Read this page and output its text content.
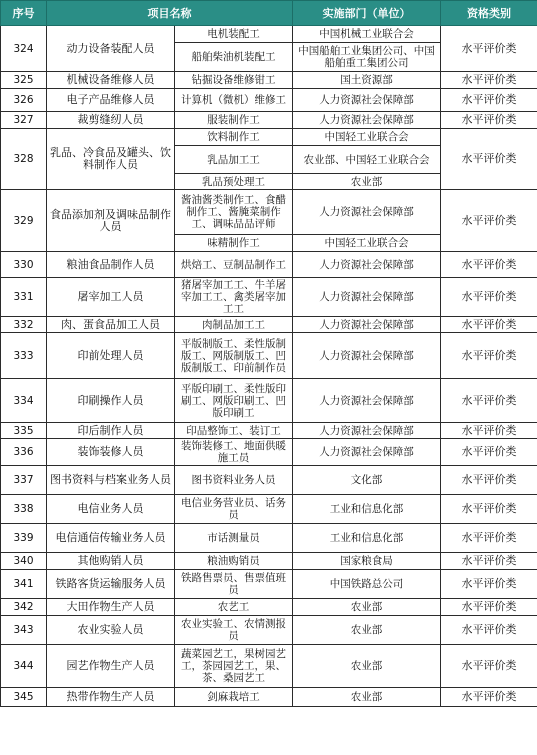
序号	项目名称		实施部门（单位）	资格类别
324	动力设备装配人员	电机装配工	中国机械工业联合会	水平评价类
		船舶柴油机装配工	中国船舶工业集团公司、中国船舶重工集团公司	
325	机械设备维修人员	钻掘设备维修钳工	国土资源部	水平评价类
326	电子产品维修人员	计算机（微机）维修工	人力资源社会保障部	水平评价类
327	裁剪缝纫人员	服装制作工	人力资源社会保障部	水平评价类
328	乳品、冷食品及罐头、饮料制作人员	饮料制作工	中国轻工业联合会	水平评价类
		乳品加工工	农业部、中国轻工业联合会	
		乳品预处理工	农业部	
329	食品添加剂及调味品制作人员	酱油酱类制作工、食醋制作工、酱腌菜制作工、调味品品评师	人力资源社会保障部	水平评价类
		味精制作工	中国轻工业联合会	
330	粮油食品制作人员	烘焙工、豆制品制作工	人力资源社会保障部	水平评价类
331	屠宰加工人员	猪屠宰加工工、牛羊屠宰加工工、禽类屠宰加工工	人力资源社会保障部	水平评价类
332	肉、蛋食品加工人员	肉制品加工工	人力资源社会保障部	水平评价类
333	印前处理人员	平版制版工、柔性版制版工、网版制版工、凹版制版工、印前制作员	人力资源社会保障部	水平评价类
334	印刷操作人员	平版印刷工、柔性版印刷工、网版印刷工、凹版印刷工	人力资源社会保障部	水平评价类
335	印后制作人员	印品整饰工、装订工	人力资源社会保障部	水平评价类
336	装饰装修人员	装饰装修工、地面供暖施工员	人力资源社会保障部	水平评价类
337	图书资料与档案业务人员	图书资料业务人员	文化部	水平评价类
338	电信业务人员	电信业务营业员、话务员	工业和信息化部	水平评价类
339	电信通信传输业务人员	市话测量员	工业和信息化部	水平评价类
340	其他购销人员	粮油购销员	国家粮食局	水平评价类
341	铁路客货运输服务人员	铁路售票员、售票值班员	中国铁路总公司	水平评价类
342	大田作物生产人员	农艺工	农业部	水平评价类
343	农业实验人员	农业实验工、农情测报员	农业部	水平评价类
344	园艺作物生产人员	蔬菜园艺工，果树园艺工，茶园园艺工，果、茶、桑园艺工	农业部	水平评价类
345	热带作物生产人员	剑麻栽培工	农业部	水平评价类
